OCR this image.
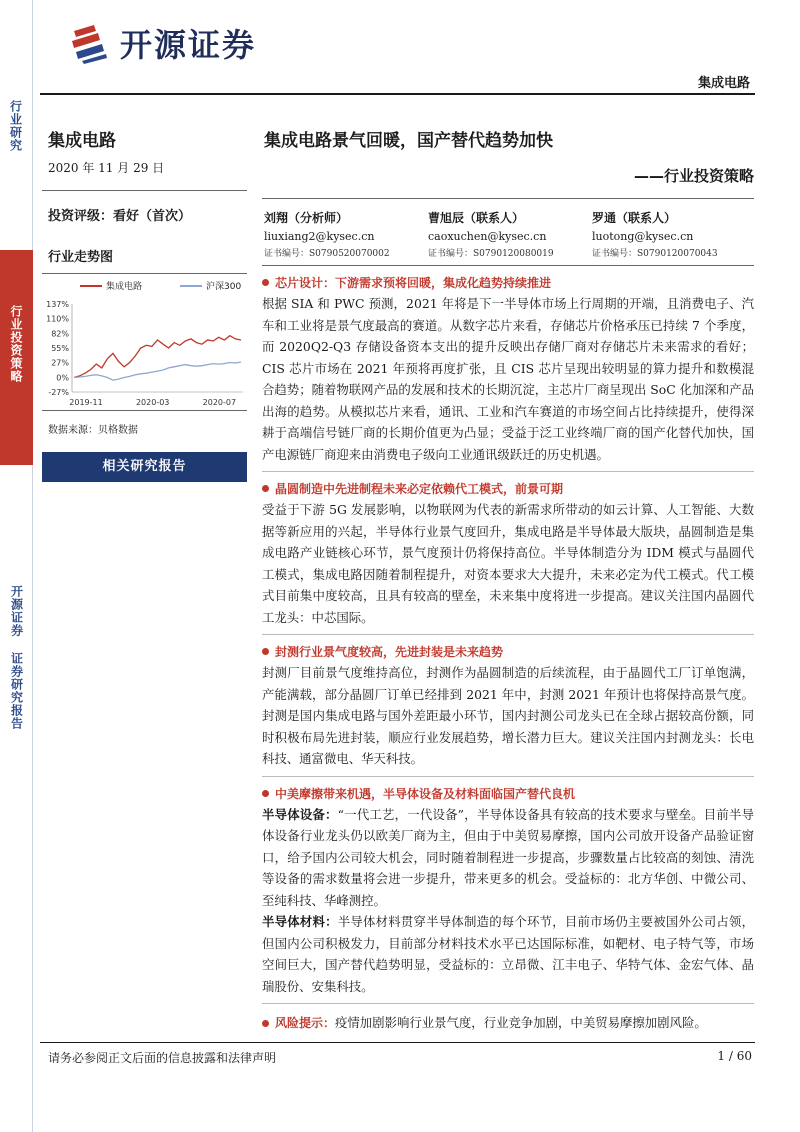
行业研究
行业投资策略
开源证券 证券研究报告
开源证券
集成电路
集成电路
2020 年 11 月 29 日
投资评级：看好（首次）
行业走势图
集成电路	沪深300
137%
110%
82%
55%
27%
0%
-27%
2019-11	2020-03	2020-07
数据来源：贝格数据
相关研究报告
集成电路景气回暖，国产替代趋势加快
——行业投资策略
刘翔（分析师）
liuxiang2@kysec.cn
证书编号：S0790520070002
曹旭辰（联系人）
caoxuchen@kysec.cn
证书编号：S0790120080019
罗通（联系人）
luotong@kysec.cn
证书编号：S0790120070043
芯片设计：下游需求预将回暖，集成化趋势持续推进

根据 SIA 和 PWC 预测，2021 年将是下一半导体市场上行周期的开端，且消费电子、汽车和工业将是景气度最高的赛道。从数字芯片来看，存储芯片价格承压已持续 7 个季度，而 2020Q2-Q3 存储设备资本支出的提升反映出存储厂商对存储芯片未来需求的看好；CIS 芯片市场在 2021 年预将再度扩张，且 CIS 芯片呈现出较明显的算力提升和数模混合趋势；随着物联网产品的发展和技术的长期沉淀，主芯片厂商呈现出 SoC 化加深和产品出海的趋势。从模拟芯片来看，通讯、工业和汽车赛道的市场空间占比持续提升，使得深耕于高端信号链厂商的长期价值更为凸显；受益于泛工业终端厂商的国产化替代加快，国产电源链厂商迎来由消费电子级向工业通讯级跃迁的历史机遇。

晶圆制造中先进制程未来必定依赖代工模式，前景可期

受益于下游 5G 发展影响，以物联网为代表的新需求所带动的如云计算、人工智能、大数据等新应用的兴起，半导体行业景气度回升，集成电路是半导体最大版块，晶圆制造是集成电路产业链核心环节，景气度预计仍将保持高位。半导体制造分为 IDM 模式与晶圆代工模式，集成电路因随着制程提升，对资本要求大大提升，未来必定为代工模式。代工模式目前集中度较高，且具有较高的壁垒，未来集中度将进一步提高。建议关注国内晶圆代工龙头：中芯国际。

封测行业景气度较高，先进封装是未来趋势

封测厂目前景气度维持高位，封测作为晶圆制造的后续流程，由于晶圆代工厂订单饱满，产能满载，部分晶圆厂订单已经排到 2021 年中，封测 2021 年预计也将保持高景气度。封测是国内集成电路与国外差距最小环节，国内封测公司龙头已在全球占据较高份额，同时积极布局先进封装，顺应行业发展趋势，增长潜力巨大。建议关注国内封测龙头：长电科技、通富微电、华天科技。

中美摩擦带来机遇，半导体设备及材料面临国产替代良机

半导体设备：“一代工艺，一代设备”，半导体设备具有较高的技术要求与壁垒。目前半导体设备行业龙头仍以欧美厂商为主，但由于中美贸易摩擦，国内公司放开设备产品验证窗口，给予国内公司较大机会，同时随着制程进一步提高，步骤数量占比较高的刻蚀、清洗等设备的需求数量将会进一步提升，带来更多的机会。受益标的：北方华创、中微公司、至纯科技、华峰测控。

半导体材料：半导体材料贯穿半导体制造的每个环节，目前市场仍主要被国外公司占领，但国内公司积极发力，目前部分材料技术水平已达国际标准，如靶材、电子特气等，市场空间巨大，国产替代趋势明显，受益标的：立昂微、江丰电子、华特气体、金宏气体、晶瑞股份、安集科技。

风险提示：疫情加剧影响行业景气度，行业竞争加剧，中美贸易摩擦加剧风险。
请务必参阅正文后面的信息披露和法律声明	1 / 60
